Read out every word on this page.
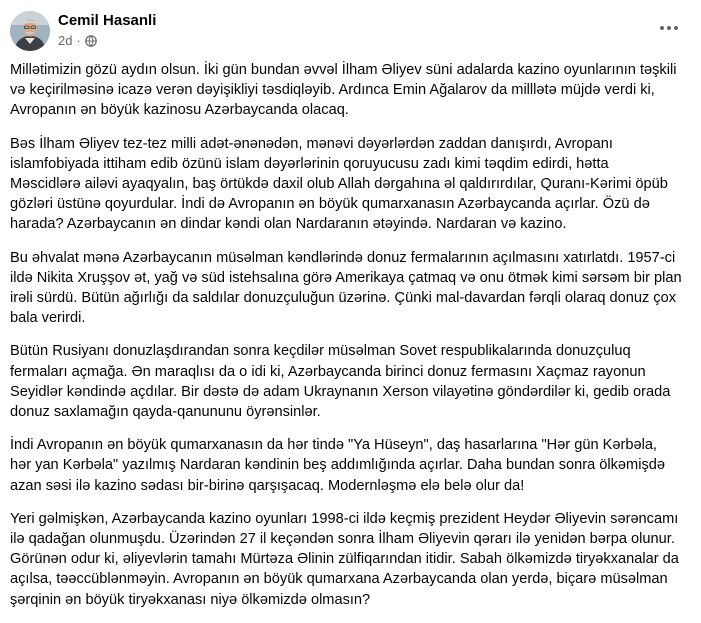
Cemil Hasanli
2d ·

Millətimizin gözü aydın olsun. İki gün bundan əvvəl İlham Əliyev süni adalarda kazino oyunlarının təşkili və keçirilməsinə icazə verən dəyişikliyi təsdiqləyib. Ardınca Emin Ağalarov da milllətə müjdə verdi ki, Avropanın ən böyük kazinosu Azərbaycanda olacaq.

Bəs İlham Əliyev tez-tez milli adət-ənənədən, mənəvi dəyərlərdən zaddan danışırdı, Avropanı islamfobiyada ittiham edib özünü islam dəyərlərinin qoruyucusu zadı kimi təqdim edirdi, hətta Məscidlərə ailəvi ayaqyalın, baş örtükdə daxil olub Allah dərgahına əl qaldırırdılar, Quranı-Kərimi öpüb gözləri üstünə qoyurdular. İndi də Avropanın ən böyük qumarxanasın Azərbaycanda açırlar. Özü də harada? Azərbaycanın ən dindar kəndi olan Nardaranın ətəyində. Nardaran və kazino.

Bu əhvalat mənə Azərbaycanın müsəlman kəndlərində donuz fermalarının açılmasını xatırlatdı. 1957-ci ildə Nikita Xruşşov ət, yağ və süd istehsalına görə Amerikaya çatmaq və onu ötmək kimi sərsəm bir plan irəli sürdü. Bütün ağırlığı da saldılar donuzçuluğun üzərinə. Çünki mal-davardan fərqli olaraq donuz çox bala verirdi.

Bütün Rusiyanı donuzlaşdırandan sonra keçdilər müsəlman Sovet respublikalarında donuzçuluq fermaları açmağa. Ən maraqlısı da o idi ki, Azərbaycanda birinci donuz fermasını Xaçmaz rayonun Seyidlər kəndində açdılar. Bir dəstə də adam Ukraynanın Xerson vilayətinə göndərdilər ki, gedib orada donuz saxlamağın qayda-qanununu öyrənsinlər.

İndi Avropanın ən böyük qumarxanasın da hər tində "Ya Hüseyn", daş hasarlarına "Hər gün Kərbəla, hər yan Kərbəla" yazılmış Nardaran kəndinin beş addımlığında açırlar. Daha bundan sonra ölkəmişdə azan səsi ilə kazino sədası bir-birinə qarşışacaq. Modernləşmə elə belə olur da!

Yeri gəlmişkən, Azərbaycanda kazino oyunları 1998-ci ildə keçmiş prezident Heydər Əliyevin sərəncamı ilə qadağan olunmuşdu. Üzərindən 27 il keçəndən sonra İlham Əliyevin qərarı ilə yenidən bərpa olunur. Görünən odur ki, əliyevlərin tamahı Mürtəza Əlinin zülfiqarından itidir. Sabah ölkəmizdə tiryəkxanalar da açılsa, təəccüblənməyin. Avropanın ən böyük qumarxana Azərbaycanda olan yerdə, biçarə müsəlman şərqinin ən böyük tiryəkxanası niyə ölkəmizdə olmasın?
